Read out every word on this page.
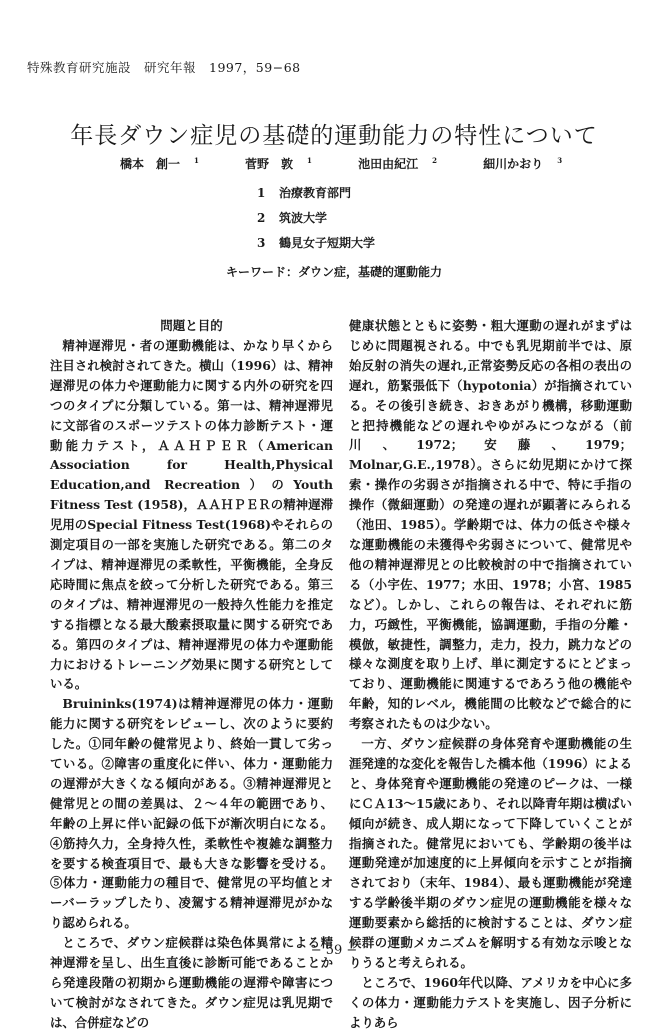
特殊教育研究施設　研究年報　1997，59−68
年長ダウン症児の基礎的運動能力の特性について
橋本　創一 $^1$	菅野　敦 $^1$	池田由紀江 $^2$	細川かおり $^3$
1 治療教育部門
2 筑波大学
3 鶴見女子短期大学
キーワード：ダウン症，基礎的運動能力
問題と目的

精神遅滞児・者の運動機能は、かなり早くから注目され検討されてきた。横山（1996）は、精神遅滞児の体力や運動能力に関する内外の研究を四つのタイプに分類している。第一は、精神遅滞児に文部省のスポーツテストの体力診断テスト・運動能力テスト，ＡＡＨＰＥＲ（American Association for Health,Physical Education,and Recreation）のYouth Fitness Test (1958)，ＡＡＨＰＥＲの精神遅滞児用のSpecial Fitness Test(1968)やそれらの測定項目の一部を実施した研究である。第二のタイプは、精神遅滞児の柔軟性，平衡機能，全身反応時間に焦点を絞って分析した研究である。第三のタイプは、精神遅滞児の一般持久性能力を推定する指標となる最大酸素摂取量に関する研究である。第四のタイプは、精神遅滞児の体力や運動能力におけるトレーニング効果に関する研究としている。

Bruininks(1974)は精神遅滞児の体力・運動能力に関する研究をレビューし、次のように要約した。①同年齢の健常児より、終始一貫して劣っている。②障害の重度化に伴い、体力・運動能力の遅滞が大きくなる傾向がある。③精神遅滞児と健常児との間の差異は、２〜４年の範囲であり、年齢の上昇に伴い記録の低下が漸次明白になる。④筋持久力，全身持久性，柔軟性や複雑な調整力を要する検査項目で、最も大きな影響を受ける。⑤体力・運動能力の種目で、健常児の平均値とオーバーラップしたり、凌駕する精神遅滞児がかなり認められる。

ところで、ダウン症候群は染色体異常による精神遅滞を呈し、出生直後に診断可能であることから発達段階の初期から運動機能の遅滞や障害について検討がなされてきた。ダウン症児は乳児期では、合併症などの

健康状態とともに姿勢・粗大運動の遅れがまずはじめに問題視される。中でも乳児期前半では、原始反射の消失の遅れ,正常姿勢反応の各相の表出の遅れ，筋緊張低下（hypotonia）が指摘されている。その後引き続き、おきあがり機構，移動運動と把持機能などの遅れやゆがみにつながる（前川、1972；安藤、1979；Molnar,G.E.,1978）。さらに幼児期にかけて探索・操作の劣弱さが指摘される中で、特に手指の操作（微細運動）の発達の遅れが顕著にみられる（池田、1985）。学齢期では、体力の低さや様々な運動機能の未獲得や劣弱さについて、健常児や他の精神遅滞児との比較検討の中で指摘されている（小宇佐、1977；水田、1978；小宮、1985など）。しかし、これらの報告は、それぞれに筋力，巧緻性，平衡機能，協調運動，手指の分離・模倣，敏捷性，調整力，走力，投力，跳力などの様々な測度を取り上げ、単に測定するにとどまっており、運動機能に関連するであろう他の機能や年齢，知的レベル，機能間の比較などで総合的に考察されたものは少ない。

一方、ダウン症候群の身体発育や運動機能の生涯発達的な変化を報告した橋本他（1996）によると、身体発育や運動機能の発達のピークは、一様にＣＡ13〜15歳にあり、それ以降青年期は横ばい傾向が続き、成人期になって下降していくことが指摘された。健常児においても、学齢期の後半は運動発達が加速度的に上昇傾向を示すことが指摘されており（末年、1984）、最も運動機能が発達する学齢後半期のダウン症児の運動機能を様々な運動要素から総括的に検討することは、ダウン症候群の運動メカニズムを解明する有効な示唆となりうると考えられる。

ところで、1960年代以降、アメリカを中心に多くの体力・運動能力テストを実施し、因子分析によりあら

− 59 −
